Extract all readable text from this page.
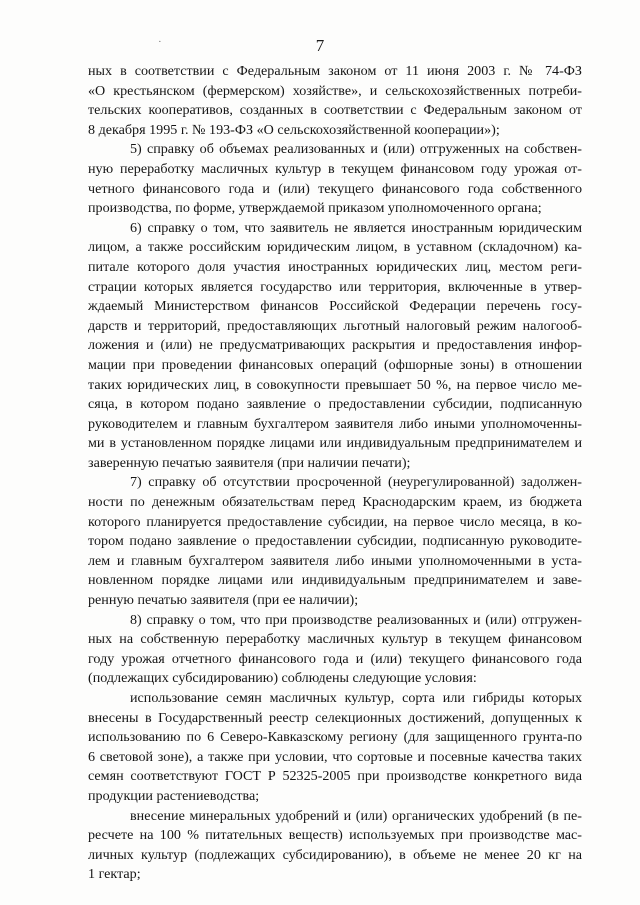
·	7
ных в соответствии с Федеральным законом от 11 июня 2003 г. № 74-ФЗ
«О крестьянском (фермерском) хозяйстве», и сельскохозяйственных потреби-
тельских кооперативов, созданных в соответствии с Федеральным законом от
8 декабря 1995 г. № 193-ФЗ «О сельскохозяйственной кооперации»);
5) справку об объемах реализованных и (или) отгруженных на собствен-
ную переработку масличных культур в текущем финансовом году урожая от-
четного финансового года и (или) текущего финансового года собственного
производства, по форме, утверждаемой приказом уполномоченного органа;
6) справку о том, что заявитель не является иностранным юридическим
лицом, а также российским юридическим лицом, в уставном (складочном) ка-
питале которого доля участия иностранных юридических лиц, местом реги-
страции которых является государство или территория, включенные в утвер-
ждаемый Министерством финансов Российской Федерации перечень госу-
дарств и территорий, предоставляющих льготный налоговый режим налогооб-
ложения и (или) не предусматривающих раскрытия и предоставления инфор-
мации при проведении финансовых операций (офшорные зоны) в отношении
таких юридических лиц, в совокупности превышает 50 %, на первое число ме-
сяца, в котором подано заявление о предоставлении субсидии, подписанную
руководителем и главным бухгалтером заявителя либо иными уполномоченны-
ми в установленном порядке лицами или индивидуальным предпринимателем и
заверенную печатью заявителя (при наличии печати);
7) справку об отсутствии просроченной (неурегулированной) задолжен-
ности по денежным обязательствам перед Краснодарским краем, из бюджета
которого планируется предоставление субсидии, на первое число месяца, в ко-
тором подано заявление о предоставлении субсидии, подписанную руководите-
лем и главным бухгалтером заявителя либо иными уполномоченными в уста-
новленном порядке лицами или индивидуальным предпринимателем и заве-
ренную печатью заявителя (при ее наличии);
8) справку о том, что при производстве реализованных и (или) отгружен-
ных на собственную переработку масличных культур в текущем финансовом
году урожая отчетного финансового года и (или) текущего финансового года
(подлежащих субсидированию) соблюдены следующие условия:
использование семян масличных культур, сорта или гибриды которых
внесены в Государственный реестр селекционных достижений, допущенных к
использованию по 6 Северо-Кавказскому региону (для защищенного грунта-по
6 световой зоне), а также при условии, что сортовые и посевные качества таких
семян соответствуют ГОСТ Р 52325-2005 при производстве конкретного вида
продукции растениеводства;
внесение минеральных удобрений и (или) органических удобрений (в пе-
ресчете на 100 % питательных веществ) используемых при производстве мас-
личных культур (подлежащих субсидированию), в объеме не менее 20 кг на
1 гектар;
